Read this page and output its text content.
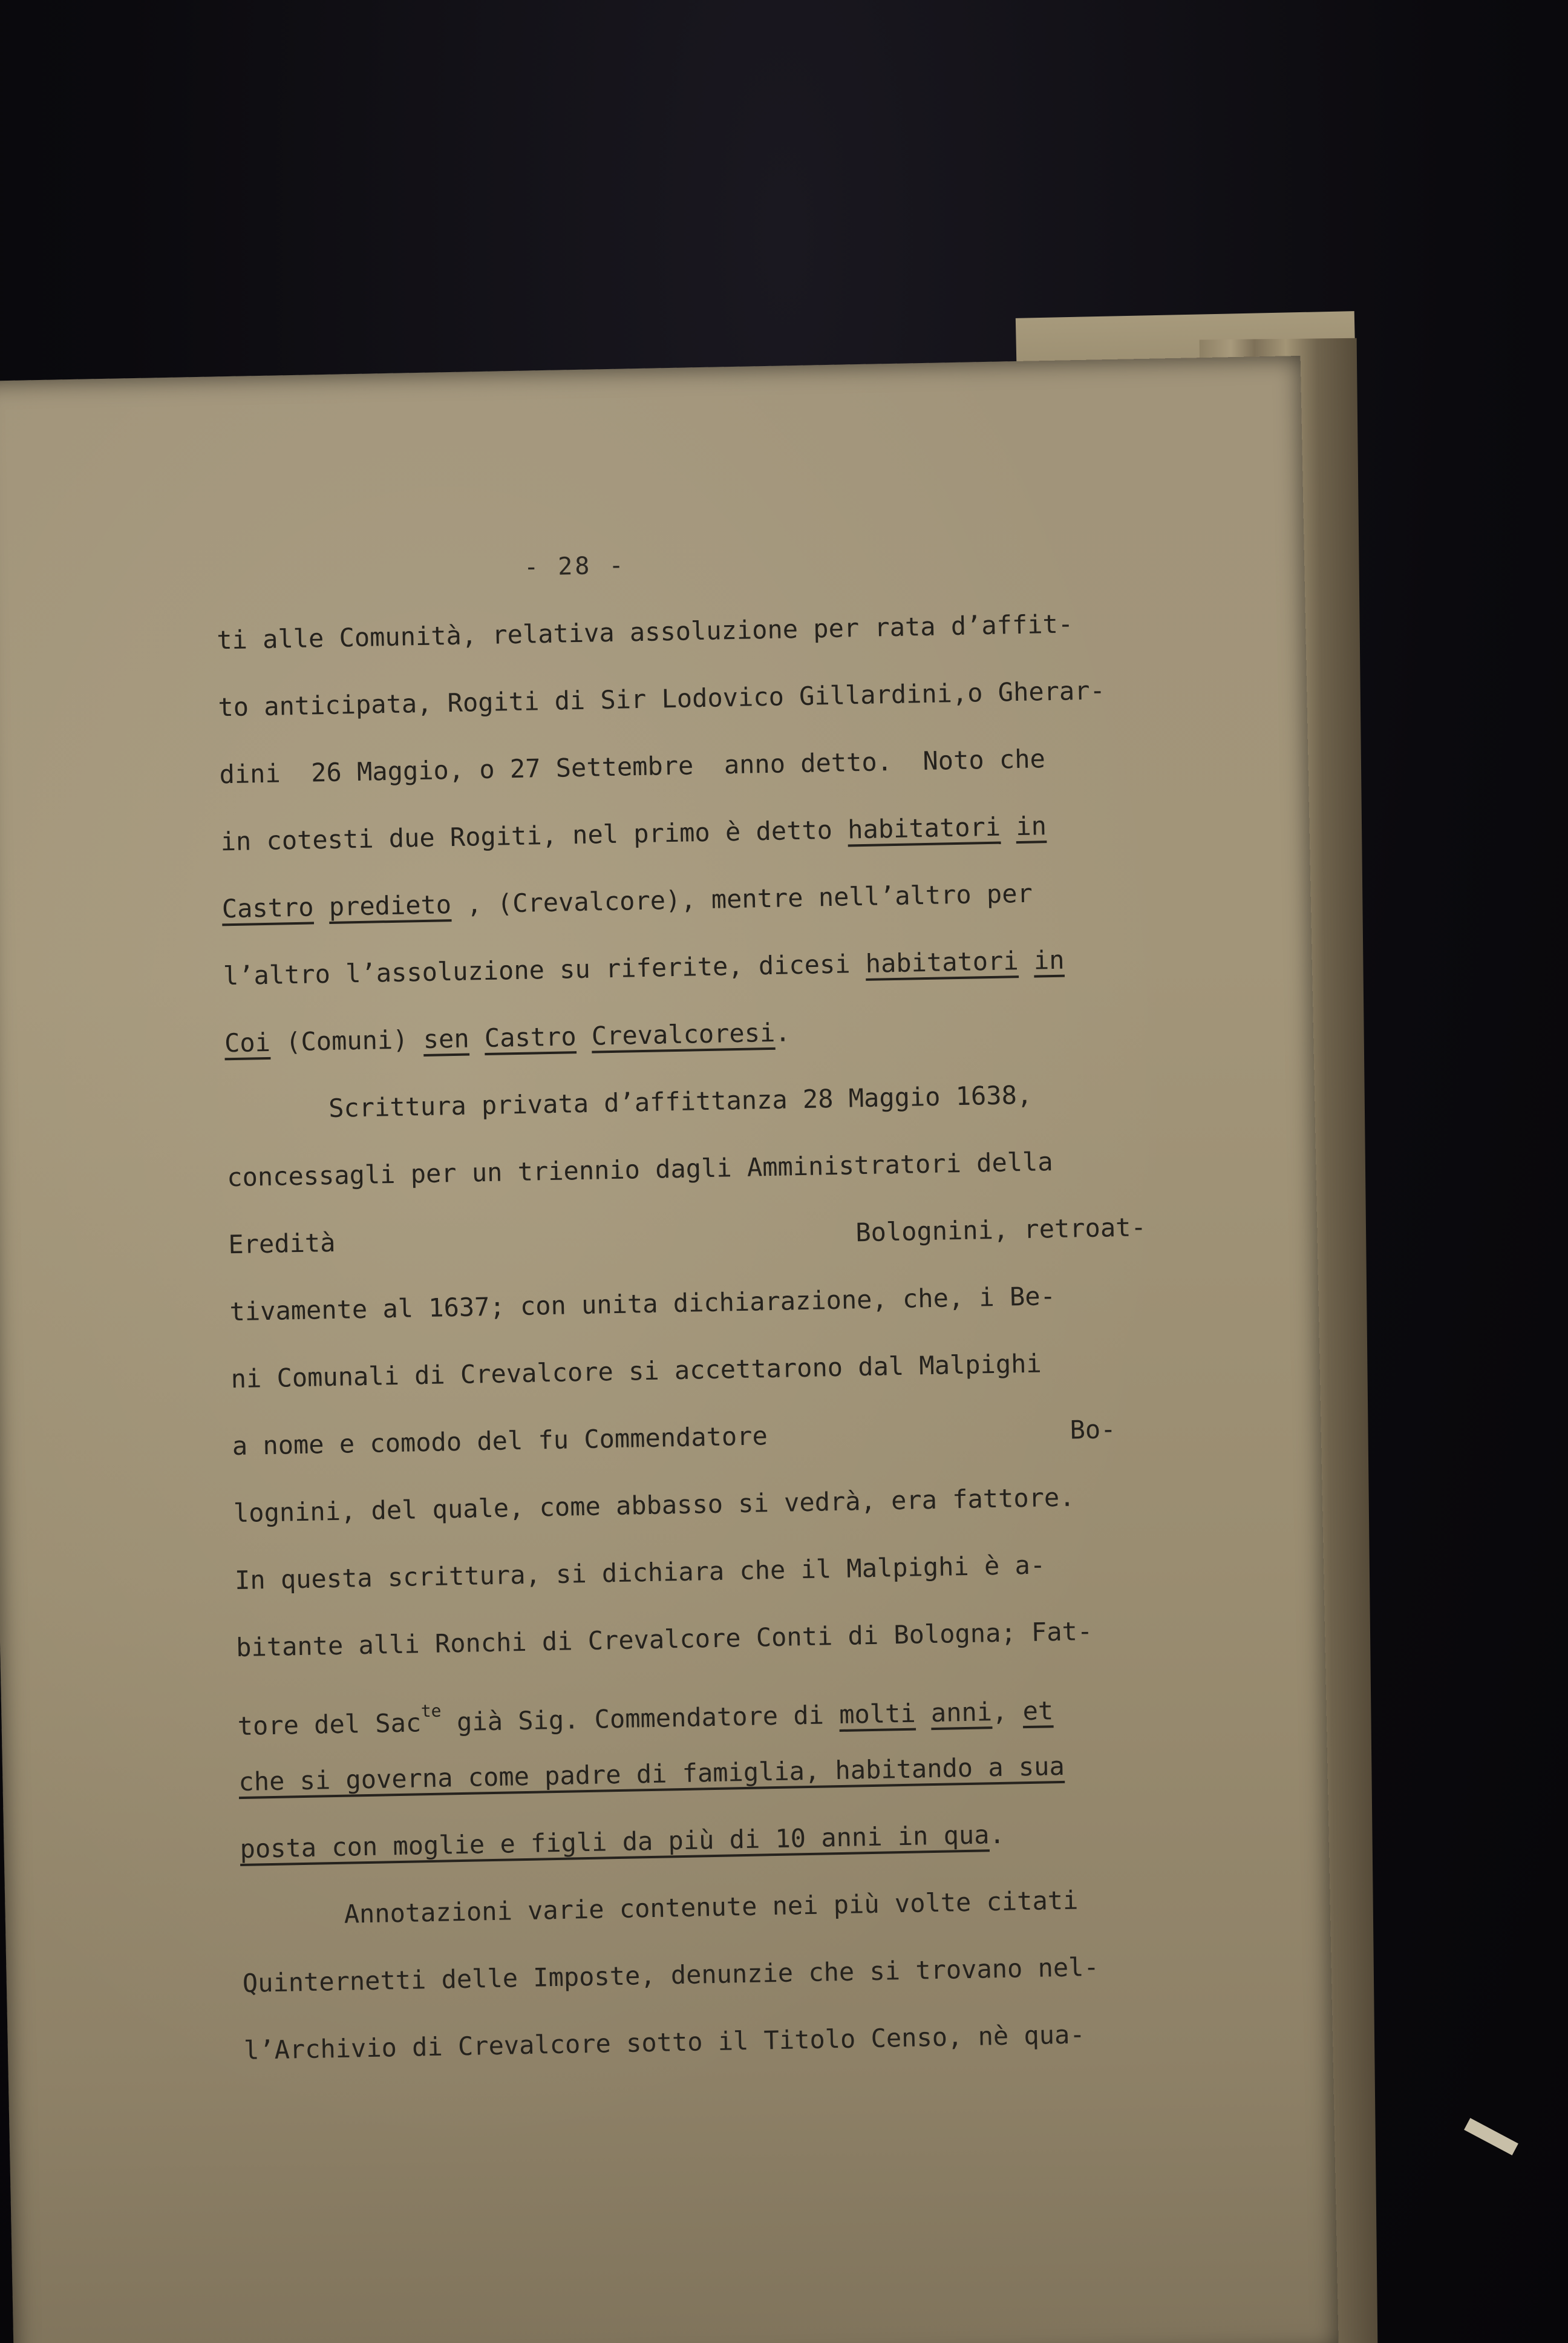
- 28 -
ti alle Comunità, relativa assoluzione per rata d’affit-
to anticipata, Rogiti di Sir Lodovico Gillardini,o Gherar-
dini  26 Maggio, o 27 Settembre  anno detto.  Noto che
in cotesti due Rogiti, nel primo è detto habitatori in
Castro predieto , (Crevalcore), mentre nell’altro per
l’altro l’assoluzione su riferite, dicesi habitatori in
Coi (Comuni) sen Castro Crevalcoresi.
Scrittura privata d’affittanza 28 Maggio 1638,
concessagli per un triennio dagli Amministratori della
Eredità	Bolognini, retroat-
tivamente al 1637; con unita dichiarazione, che, i Be-
ni Comunali di Crevalcore si accettarono dal Malpighi
a nome e comodo del fu Commendatore	Bo-
lognini, del quale, come abbasso si vedrà, era fattore.
In questa scrittura, si dichiara che il Malpighi è a-
bitante alli Ronchi di Crevalcore Conti di Bologna; Fat-
tore del Sac$^{te}$ già Sig. Commendatore di molti anni, et
che si governa come padre di famiglia, habitando a sua
posta con moglie e figli da più di 10 anni in qua.
Annotazioni varie contenute nei più volte citati
Quinternetti delle Imposte, denunzie che si trovano nel-
l’Archivio di Crevalcore sotto il Titolo Censo, nè qua-
